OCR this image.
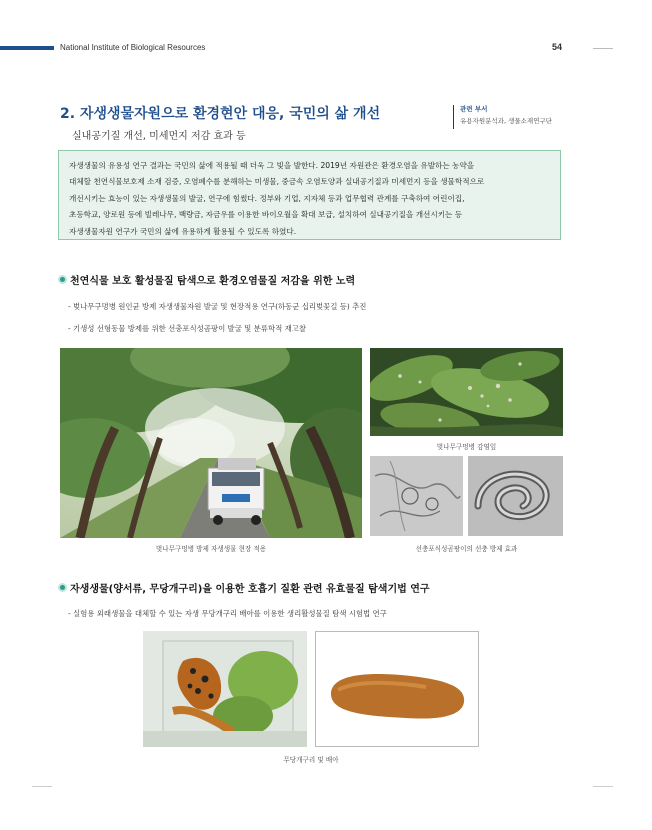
National Institute of Biological Resources	54
2. 자생생물자원으로 환경현안 대응, 국민의 삶 개선
실내공기질 개선, 미세먼지 저감 효과 등
관련 부서
유용자원분석과, 생물소재연구단
자생생물의 유용성 연구 결과는 국민의 삶에 적용될 때 더욱 그 빛을 발한다. 2019년 자원관은 환경오염을 유발하는 농약을
대체할 천연식물보호제 소재 검증, 오염폐수를 분해하는 미생물, 중금속 오염토양과 실내공기질과 미세먼지 등을 생물학적으로
개선시키는 효능이 있는 자생생물의 발굴, 연구에 힘썼다. 정부와 기업, 지자체 등과 업무협력 관계를 구축하여 어린이집,
초등학교, 양로원 등에 빌레나무, 백량금, 자금우를 이용한 바이오월을 확대 보급, 설치하여 실내공기질을 개선시키는 등
자생생물자원 연구가 국민의 삶에 유용하게 활용될 수 있도록 하였다.
천연식물 보호 활성물질 탐색으로 환경오염물질 저감을 위한 노력
- 벚나무구멍병 원인균 방제 자생생물자원 발굴 및 현장적용 연구(하동군 십리벚꽃길 등) 추진
- 기생성 선형동물 방제를 위한 선충포식성곰팡이 발굴 및 분류학적 재고찰
벚나무구멍병 방제 자생생물 현장 적용
벚나무구멍병 감염잎
선충포식성곰팡이의 선충 방제 효과
자생생물(양서류, 무당개구리)을 이용한 호흡기 질환 관련 유효물질 탐색기법 연구
- 실험용 외래생물을 대체할 수 있는 자생 무당개구리 배아를 이용한 생리활성물질 탐색 시험법 연구
무당개구리 및 배아
